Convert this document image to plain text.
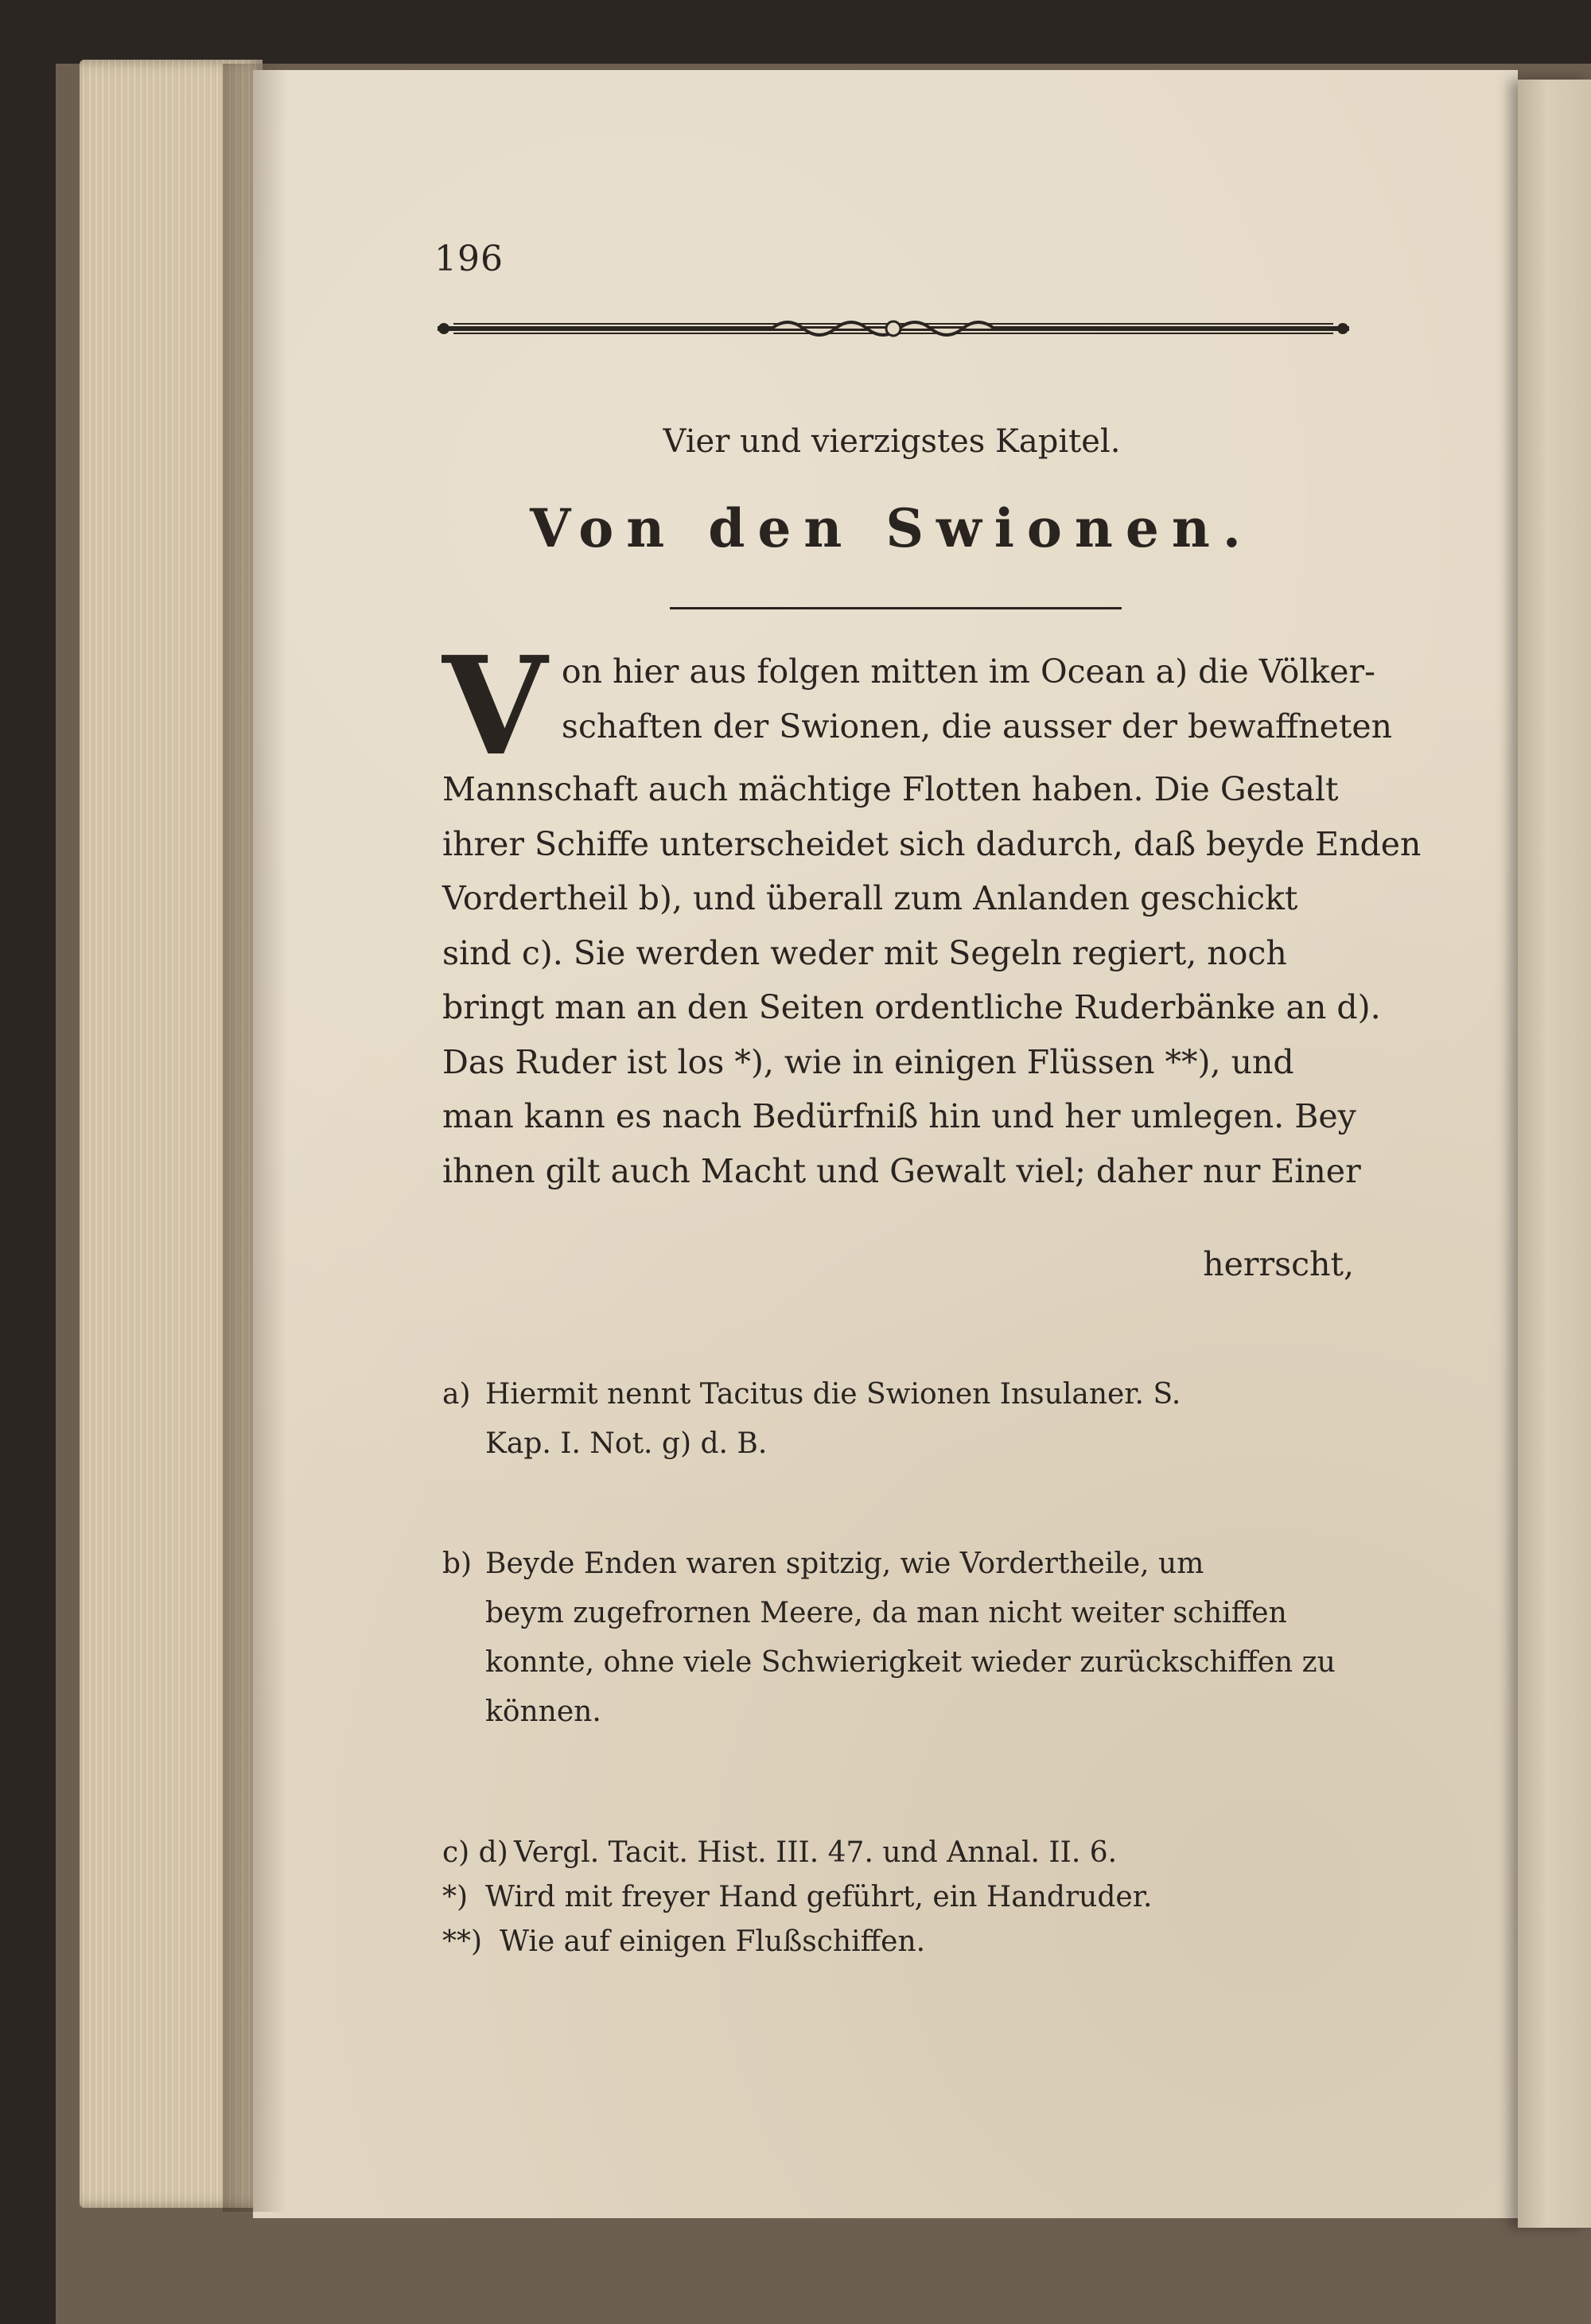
196
Vier und vierzigstes Kapitel.
Von den Swionen.
V on hier aus folgen mitten im Ocean a) die Völker-
schaften der Swionen, die ausser der bewaffneten
Mannschaft auch mächtige Flotten haben. Die Gestalt
ihrer Schiffe unterscheidet sich dadurch, daß beyde Enden
Vordertheil b), und überall zum Anlanden geschickt
sind c). Sie werden weder mit Segeln regiert, noch
bringt man an den Seiten ordentliche Ruderbänke an d).
Das Ruder ist los *), wie in einigen Flüssen **), und
man kann es nach Bedürfniß hin und her umlegen. Bey
ihnen gilt auch Macht und Gewalt viel; daher nur Einer
herrscht,
a) Hiermit nennt Tacitus die Swionen Insulaner. S.
Kap. I. Not. g) d. B.
b) Beyde Enden waren spitzig, wie Vordertheile, um
beym zugefrornen Meere, da man nicht weiter schiffen
konnte, ohne viele Schwierigkeit wieder zurückschiffen zu
können.
c) d) Vergl. Tacit. Hist. III. 47. und Annal. II. 6.
*) Wird mit freyer Hand geführt, ein Handruder.
**) Wie auf einigen Flußschiffen.
